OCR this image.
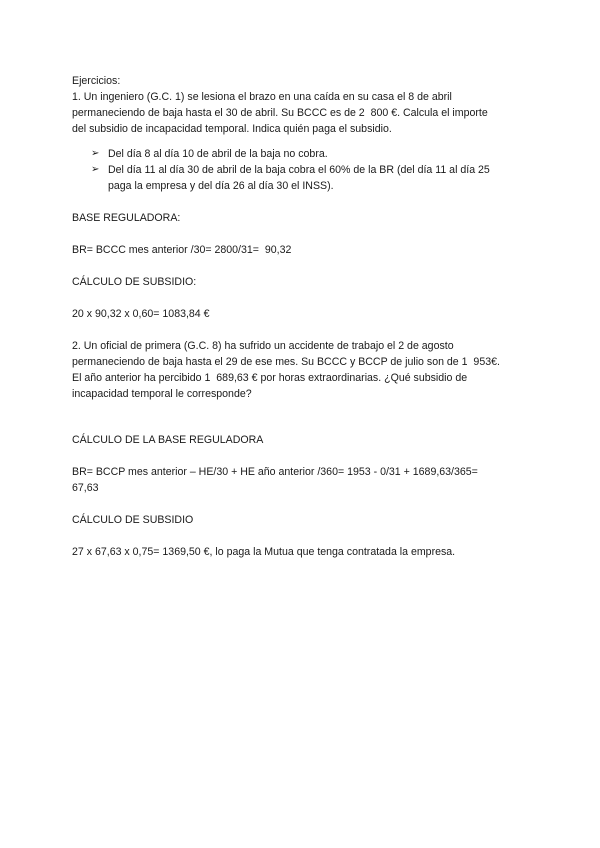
Ejercicios:
1. Un ingeniero (G.C. 1) se lesiona el brazo en una caída en su casa el 8 de abril
permaneciendo de baja hasta el 30 de abril. Su BCCC es de 2  800 €. Calcula el importe
del subsidio de incapacidad temporal. Indica quién paga el subsidio.
➢ Del día 8 al día 10 de abril de la baja no cobra.
➢ Del día 11 al día 30 de abril de la baja cobra el 60% de la BR (del día 11 al día 25
paga la empresa y del día 26 al día 30 el INSS).
BASE REGULADORA:
BR= BCCC mes anterior /30= 2800/31=  90,32
CÁLCULO DE SUBSIDIO:
20 x 90,32 x 0,60= 1083,84 €
2. Un oficial de primera (G.C. 8) ha sufrido un accidente de trabajo el 2 de agosto
permaneciendo de baja hasta el 29 de ese mes. Su BCCC y BCCP de julio son de 1  953€.
El año anterior ha percibido 1  689,63 € por horas extraordinarias. ¿Qué subsidio de
incapacidad temporal le corresponde?
CÁLCULO DE LA BASE REGULADORA
BR= BCCP mes anterior – HE/30 + HE año anterior /360= 1953 - 0/31 + 1689,63/365=
67,63
CÁLCULO DE SUBSIDIO
27 x 67,63 x 0,75= 1369,50 €, lo paga la Mutua que tenga contratada la empresa.
